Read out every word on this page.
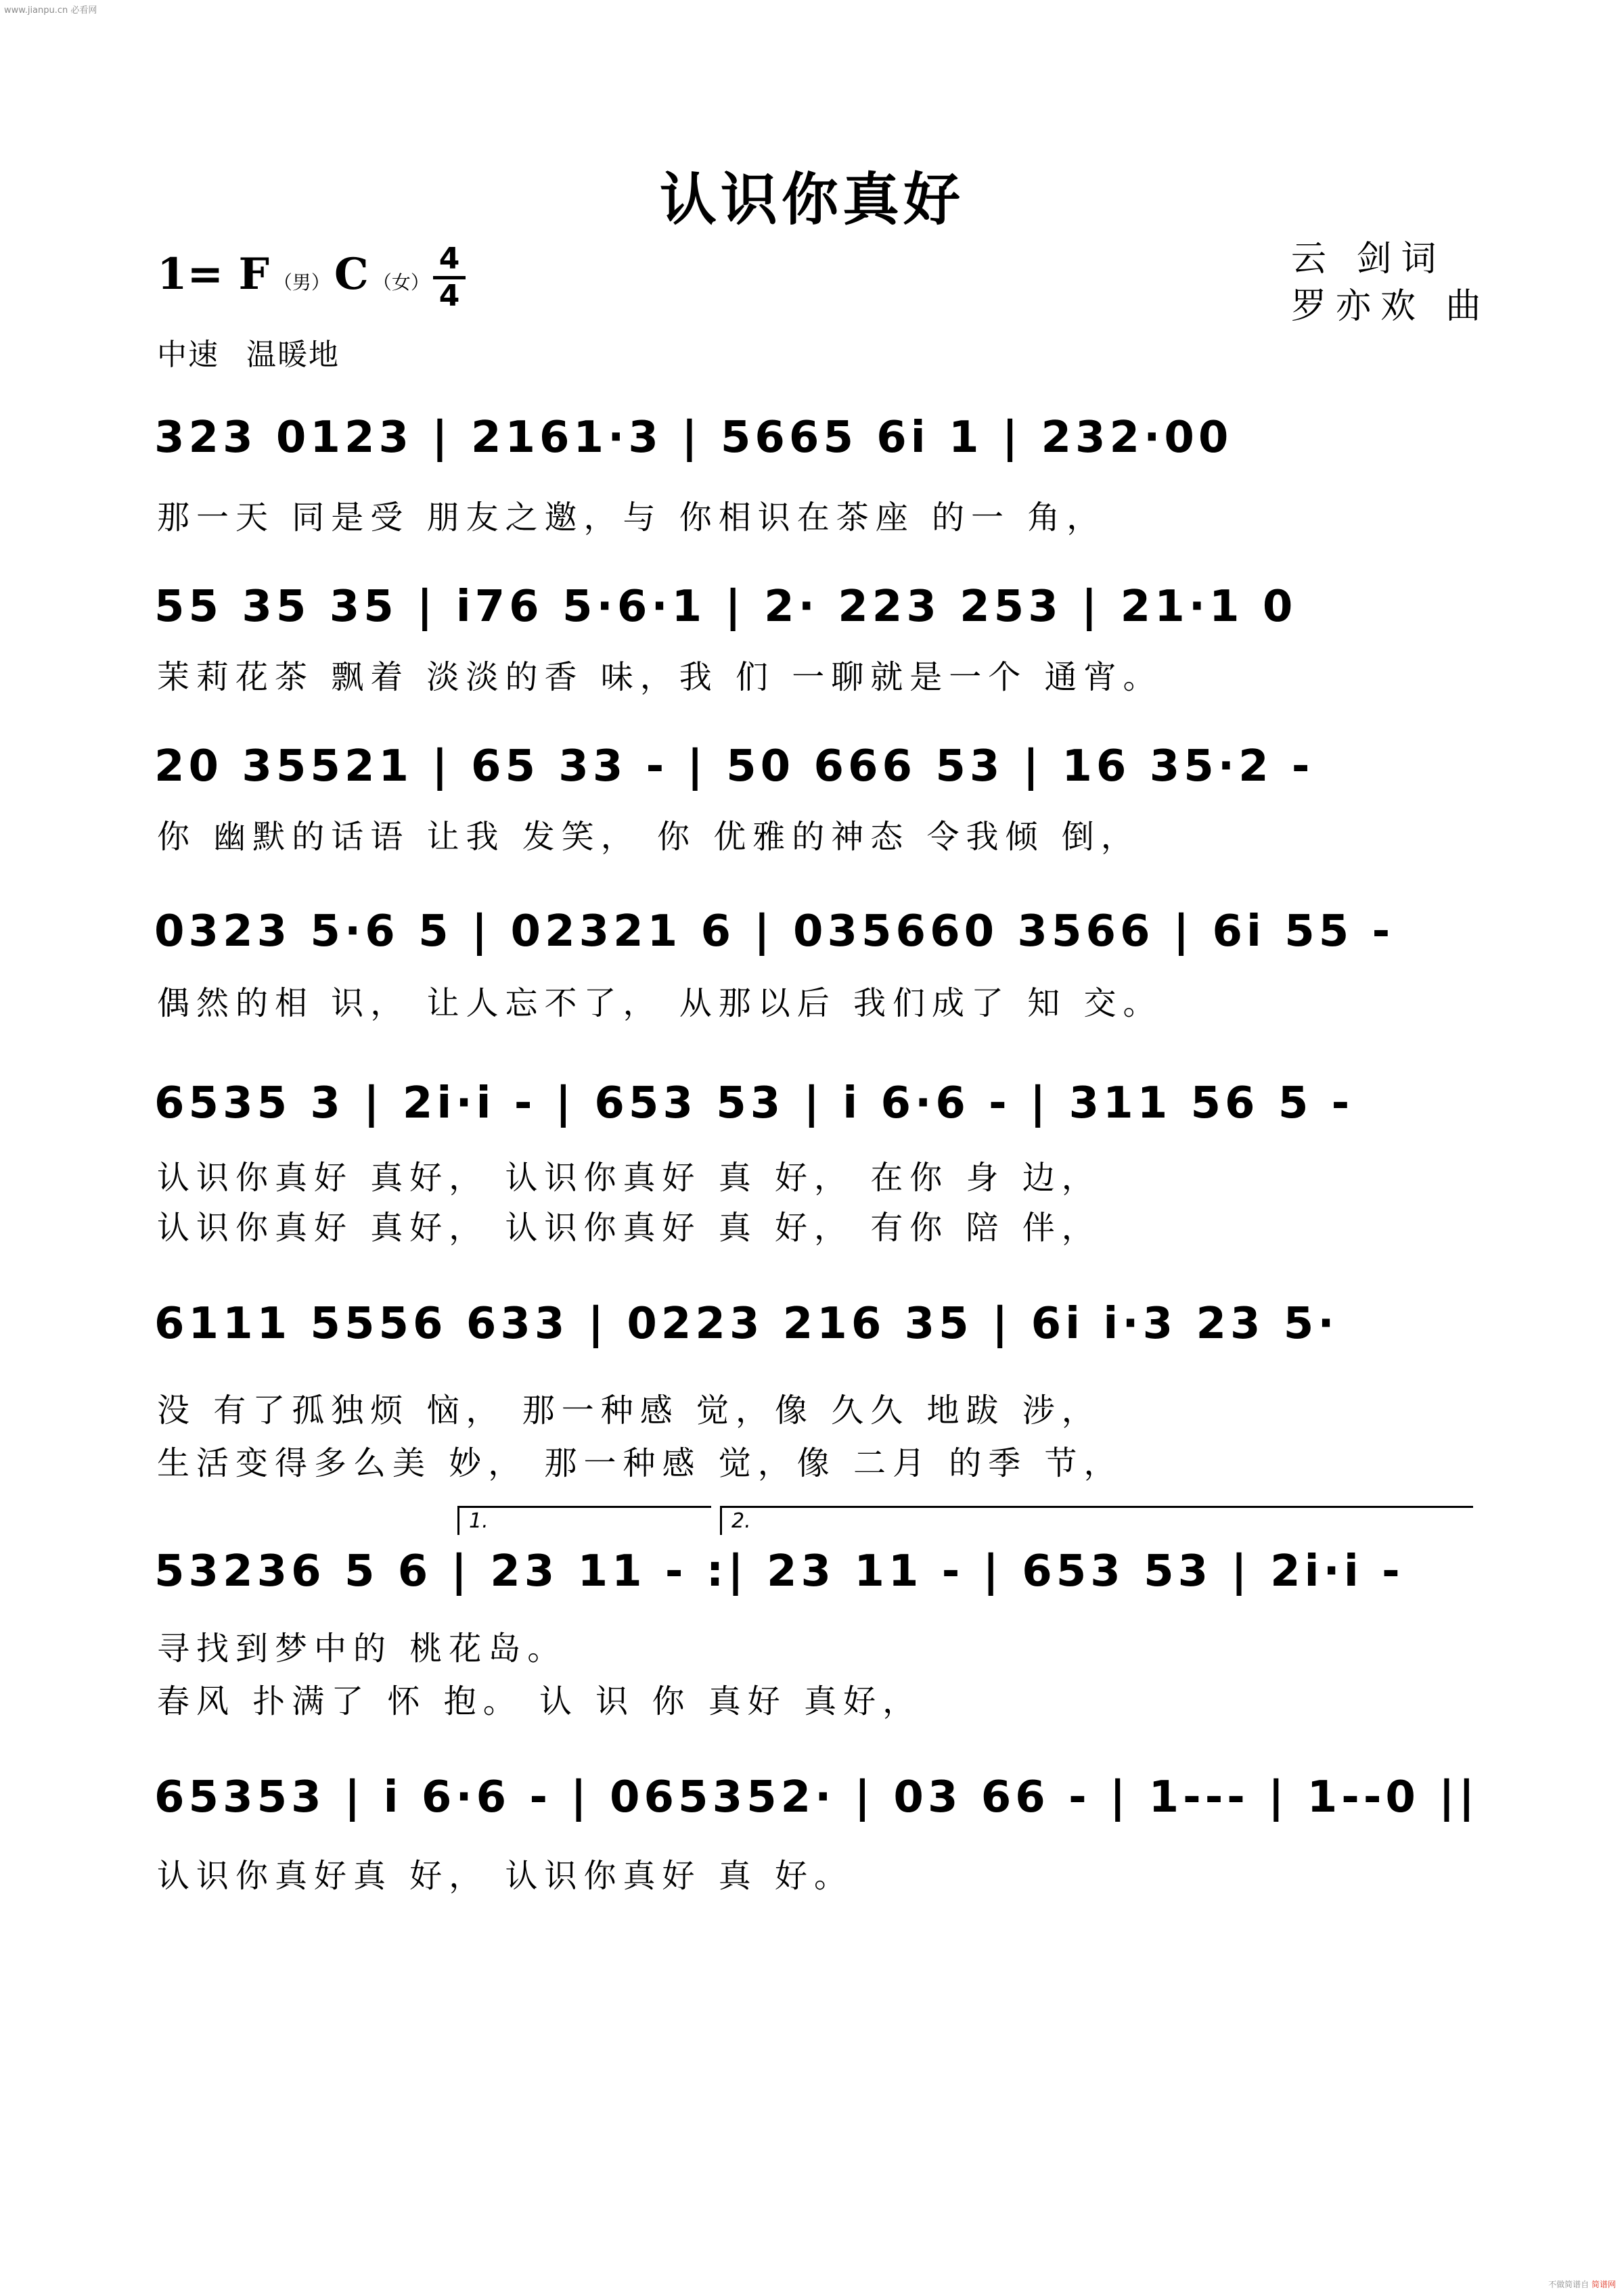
www.jianpu.cn 必看网
不做简谱自 简谱网
认识你真好
1= F （男）C （女）
4
4
云 剑词
罗亦欢 曲
中速 温暖地
323 0123 | 2161·3 | 5665 6i 1 | 232·00
那一天 同是受 朋友之邀，与 你相识在茶座 的一 角，
55 35 35 | i76 5·6·1 | 2· 223 253 | 21·1 0
茉莉花茶 飘着 淡淡的香 味，我 们 一聊就是一个 通宵。
20 35521 | 65 33 - | 50 666 53 | 16 35·2 -
你 幽默的话语 让我 发笑， 你 优雅的神态 令我倾 倒，
0323 5·6 5 | 02321 6 | 035660 3566 | 6i 55 -
偶然的相 识， 让人忘不了， 从那以后 我们成了 知 交。
6535 3 | 2i·i - | 653 53 | i 6·6 - | 311 56 5 -
认识你真好 真好， 认识你真好 真 好， 在你 身 边，
认识你真好 真好， 认识你真好 真 好， 有你 陪 伴，
6111 5556 633 | 0223 216 35 | 6i i·3 23 5·
没 有了孤独烦 恼， 那一种感 觉，像 久久 地跋 涉，
生活变得多么美 妙， 那一种感 觉，像 二月 的季 节，
1.	2.
53236 5 6 | 23 11 - :| 23 11 - | 653 53 | 2i·i -
寻找到梦中的 桃花岛。
春风 扑满了 怀 抱。 认 识 你 真好 真好，
65353 | i 6·6 - | 065352· | 03 66 - | 1--- | 1--0 ||
认识你真好真 好， 认识你真好 真 好。
